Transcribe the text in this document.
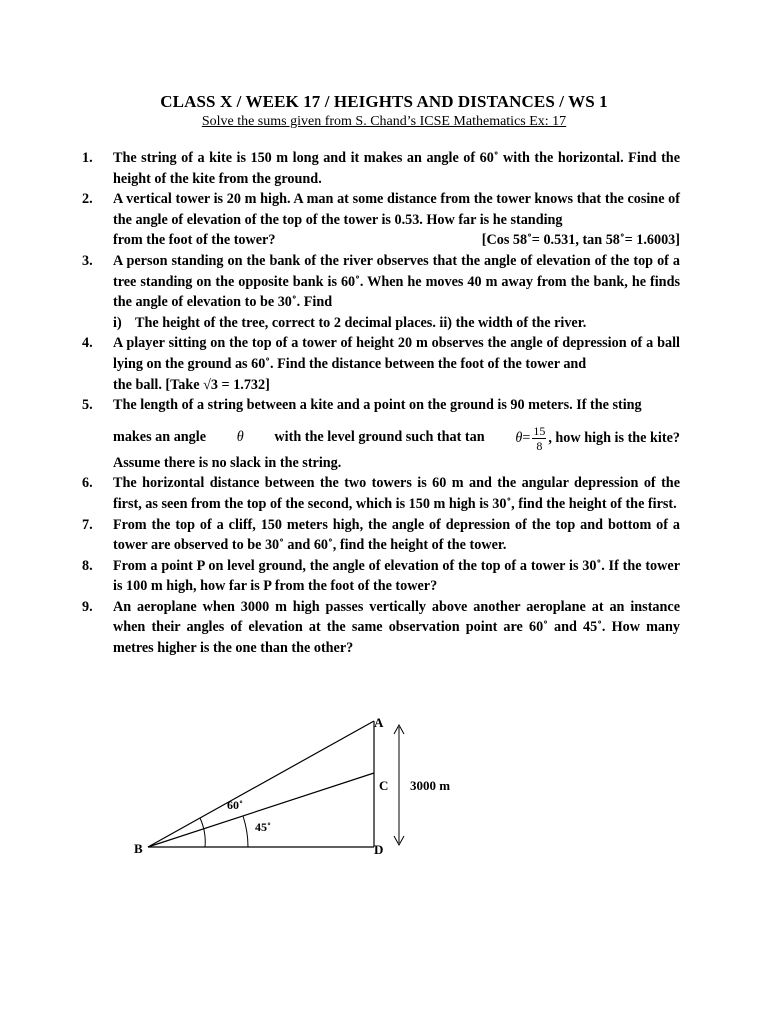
CLASS X / WEEK 17 / HEIGHTS AND DISTANCES / WS 1
Solve the sums given from S. Chand’s ICSE Mathematics Ex: 17
1.	The string of a kite is 150 m long and it makes an angle of 60˚ with the horizontal. Find the height of the kite from the ground.
2.	A vertical tower is 20 m high. A man at some distance from the tower knows that the cosine of the angle of elevation of the top of the tower is 0.53. How far is he standing
from the foot of the tower?	[Cos 58˚= 0.531, tan 58˚= 1.6003]
3.	A person standing on the bank of the river observes that the angle of elevation of the top of a tree standing on the opposite bank is 60˚. When he moves 40 m away from the bank, he finds the angle of elevation to be 30˚. Find
i) The height of the tree, correct to 2 decimal places. ii) the width of the river.
4.	A player sitting on the top of a tower of height 20 m observes the angle of depression of a ball lying on the ground as 60˚. Find the distance between the foot of the tower and
the ball. [Take √3 = 1.732]
5.	The length of a string between a kite and a point on the ground is 90 meters. If the sting
makes an angle θ with the level ground such that $\tan \theta= \frac{15}{8}$ , how high is the kite?
Assume there is no slack in the string.
6.	The horizontal distance between the two towers is 60 m and the angular depression of the first, as seen from the top of the second, which is 150 m high is 30˚, find the height of the first.
7.	From the top of a cliff, 150 meters high, the angle of depression of the top and bottom of a tower are observed to be 30˚ and 60˚, find the height of the tower.
8.	From a point P on level ground, the angle of elevation of the top of a tower is 30˚. If the tower is 100 m high, how far is P from the foot of the tower?
9.	An aeroplane when 3000 m high passes vertically above another aeroplane at an instance when their angles of elevation at the same observation point are 60˚ and 45˚. How many metres higher is the one than the other?
A
B
C
D
60˚
45˚
3000 m
